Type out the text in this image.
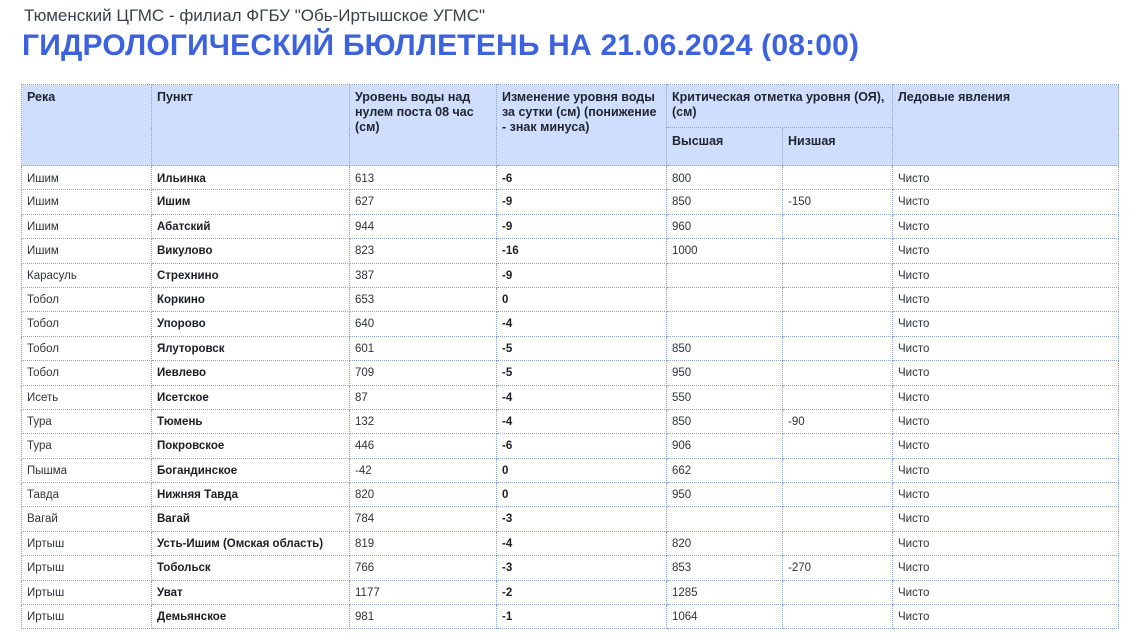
Тюменский ЦГМС - филиал ФГБУ "Обь-Иртышское УГМС"
ГИДРОЛОГИЧЕСКИЙ БЮЛЛЕТЕНЬ НА 21.06.2024 (08:00)
Река	Пункт	Уровень воды над нулем поста 08 час (см)	Изменение уровня воды за сутки (см) (понижение - знак минуса)	Критическая отметка уровня (ОЯ), (см)		Ледовые явления
				Высшая	Низшая	
Ишим	Ильинка	613	-6	800		Чисто
Ишим	Ишим	627	-9	850	-150	Чисто
Ишим	Абатский	944	-9	960		Чисто
Ишим	Викулово	823	-16	1000		Чисто
Карасуль	Стрехнино	387	-9			Чисто
Тобол	Коркино	653	0			Чисто
Тобол	Упорово	640	-4			Чисто
Тобол	Ялуторовск	601	-5	850		Чисто
Тобол	Иевлево	709	-5	950		Чисто
Исеть	Исетское	87	-4	550		Чисто
Тура	Тюмень	132	-4	850	-90	Чисто
Тура	Покровское	446	-6	906		Чисто
Пышма	Богандинское	-42	0	662		Чисто
Тавда	Нижняя Тавда	820	0	950		Чисто
Вагай	Вагай	784	-3			Чисто
Иртыш	Усть-Ишим (Омская область)	819	-4	820		Чисто
Иртыш	Тобольск	766	-3	853	-270	Чисто
Иртыш	Уват	1177	-2	1285		Чисто
Иртыш	Демьянское	981	-1	1064		Чисто
